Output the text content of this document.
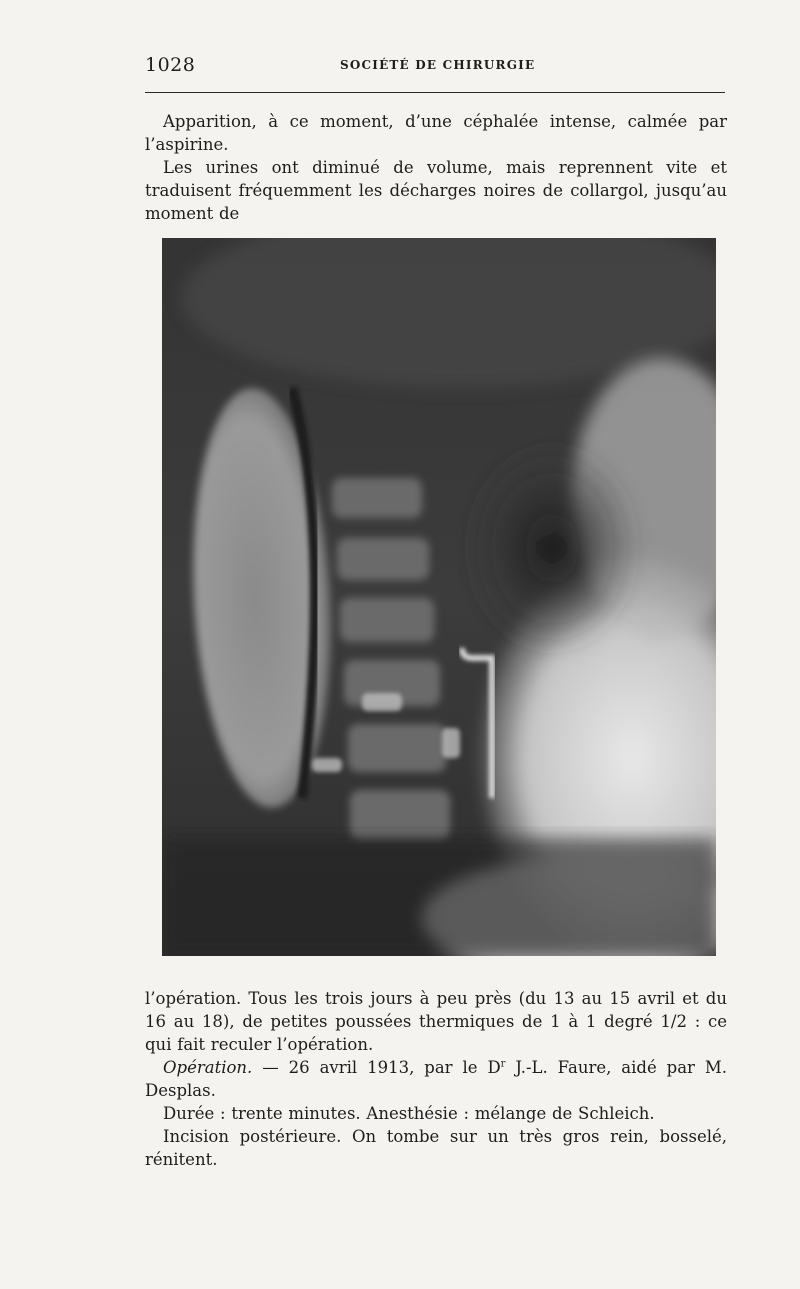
1028	SOCIÉTÉ DE CHIRURGIE

Apparition, à ce moment, d’une céphalée intense, calmée par l’aspirine.

Les urines ont diminué de volume, mais reprennent vite et traduisent fréquemment les décharges noires de collargol, jusqu’au moment de

l’opération. Tous les trois jours à peu près (du 13 au 15 avril et du 16 au 18), de petites poussées thermiques de 1 à 1 degré 1/2 : ce qui fait reculer l’opération.

Opération. — 26 avril 1913, par le $D^r$ J.-L. Faure, aidé par M. Desplas.

Durée : trente minutes. Anesthésie : mélange de Schleich.

Incision postérieure. On tombe sur un très gros rein, bosselé, rénitent.
